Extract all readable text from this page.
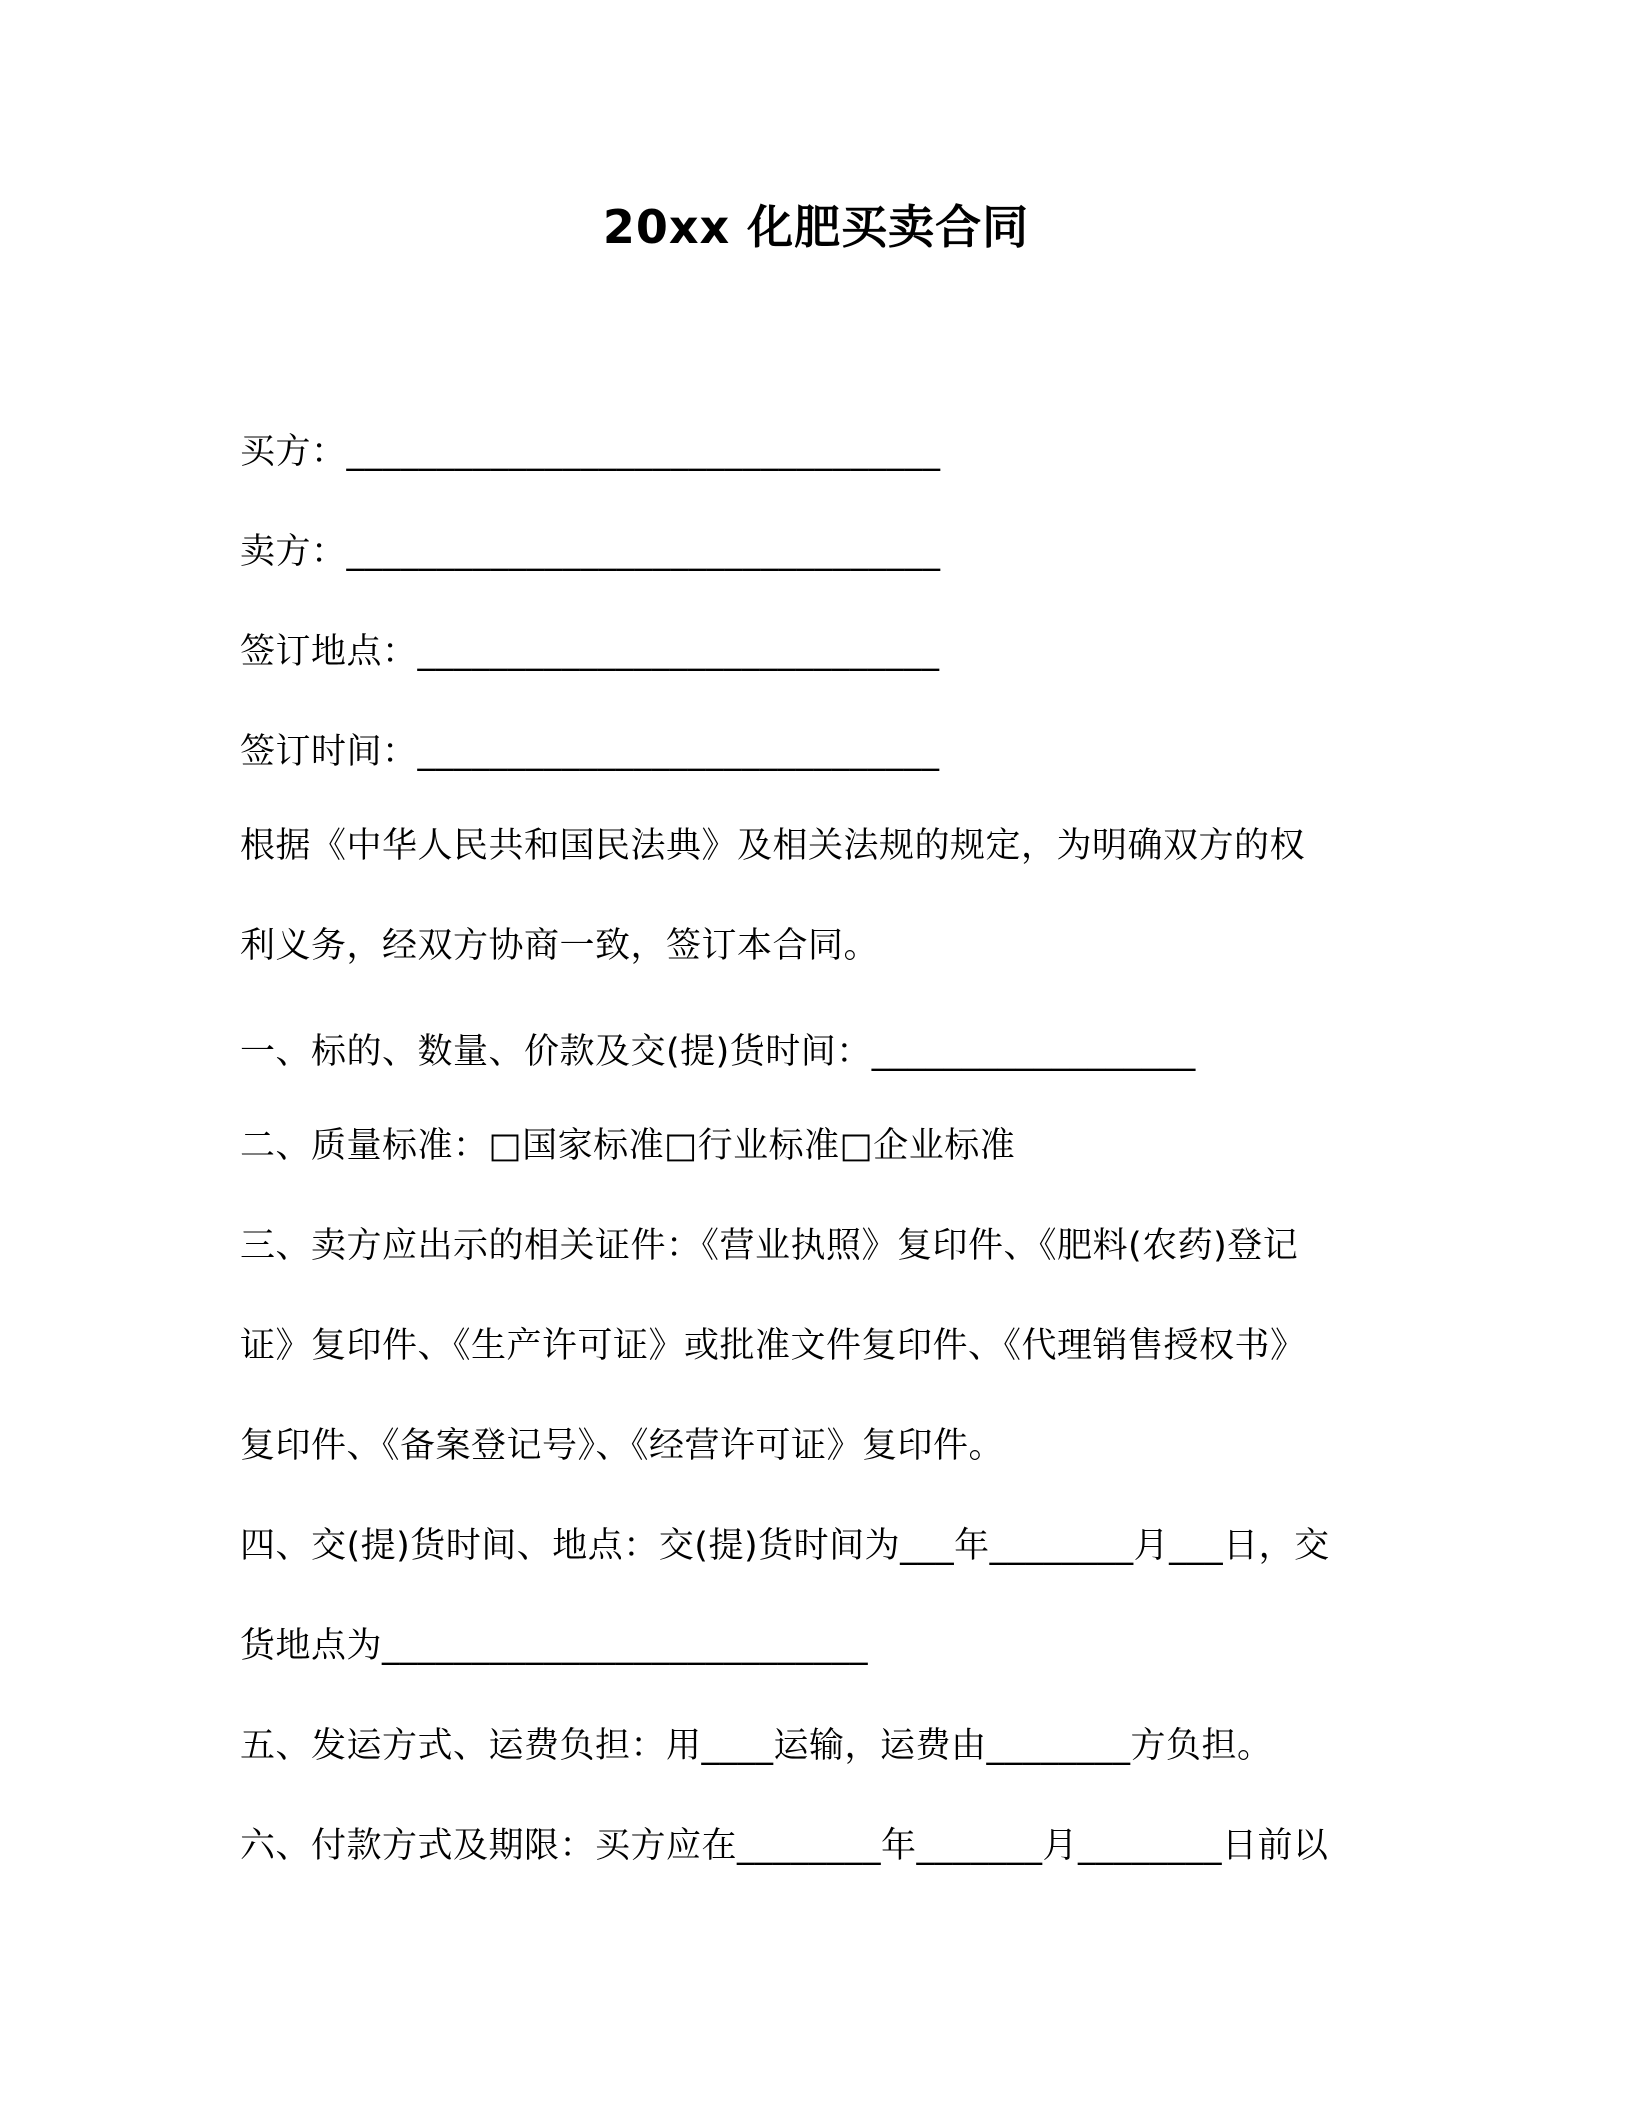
20xx 化肥买卖合同
买方：_________________________________
卖方：_________________________________
签订地点：_____________________________
签订时间：_____________________________
根据《中华人民共和国民法典》及相关法规的规定，为明确双方的权
利义务，经双方协商一致，签订本合同。
一、标的、数量、价款及交(提)货时间：__________________
二、质量标准：□国家标准□行业标准□企业标准
三、卖方应出示的相关证件：《营业执照》复印件、《肥料(农药)登记
证》复印件、《生产许可证》或批准文件复印件、《代理销售授权书》
复印件、《备案登记号》、《经营许可证》复印件。
四、交(提)货时间、地点：交(提)货时间为___年________月___日，交
货地点为___________________________
五、发运方式、运费负担：用____运输，运费由________方负担。
六、付款方式及期限：买方应在________年_______月________日前以
